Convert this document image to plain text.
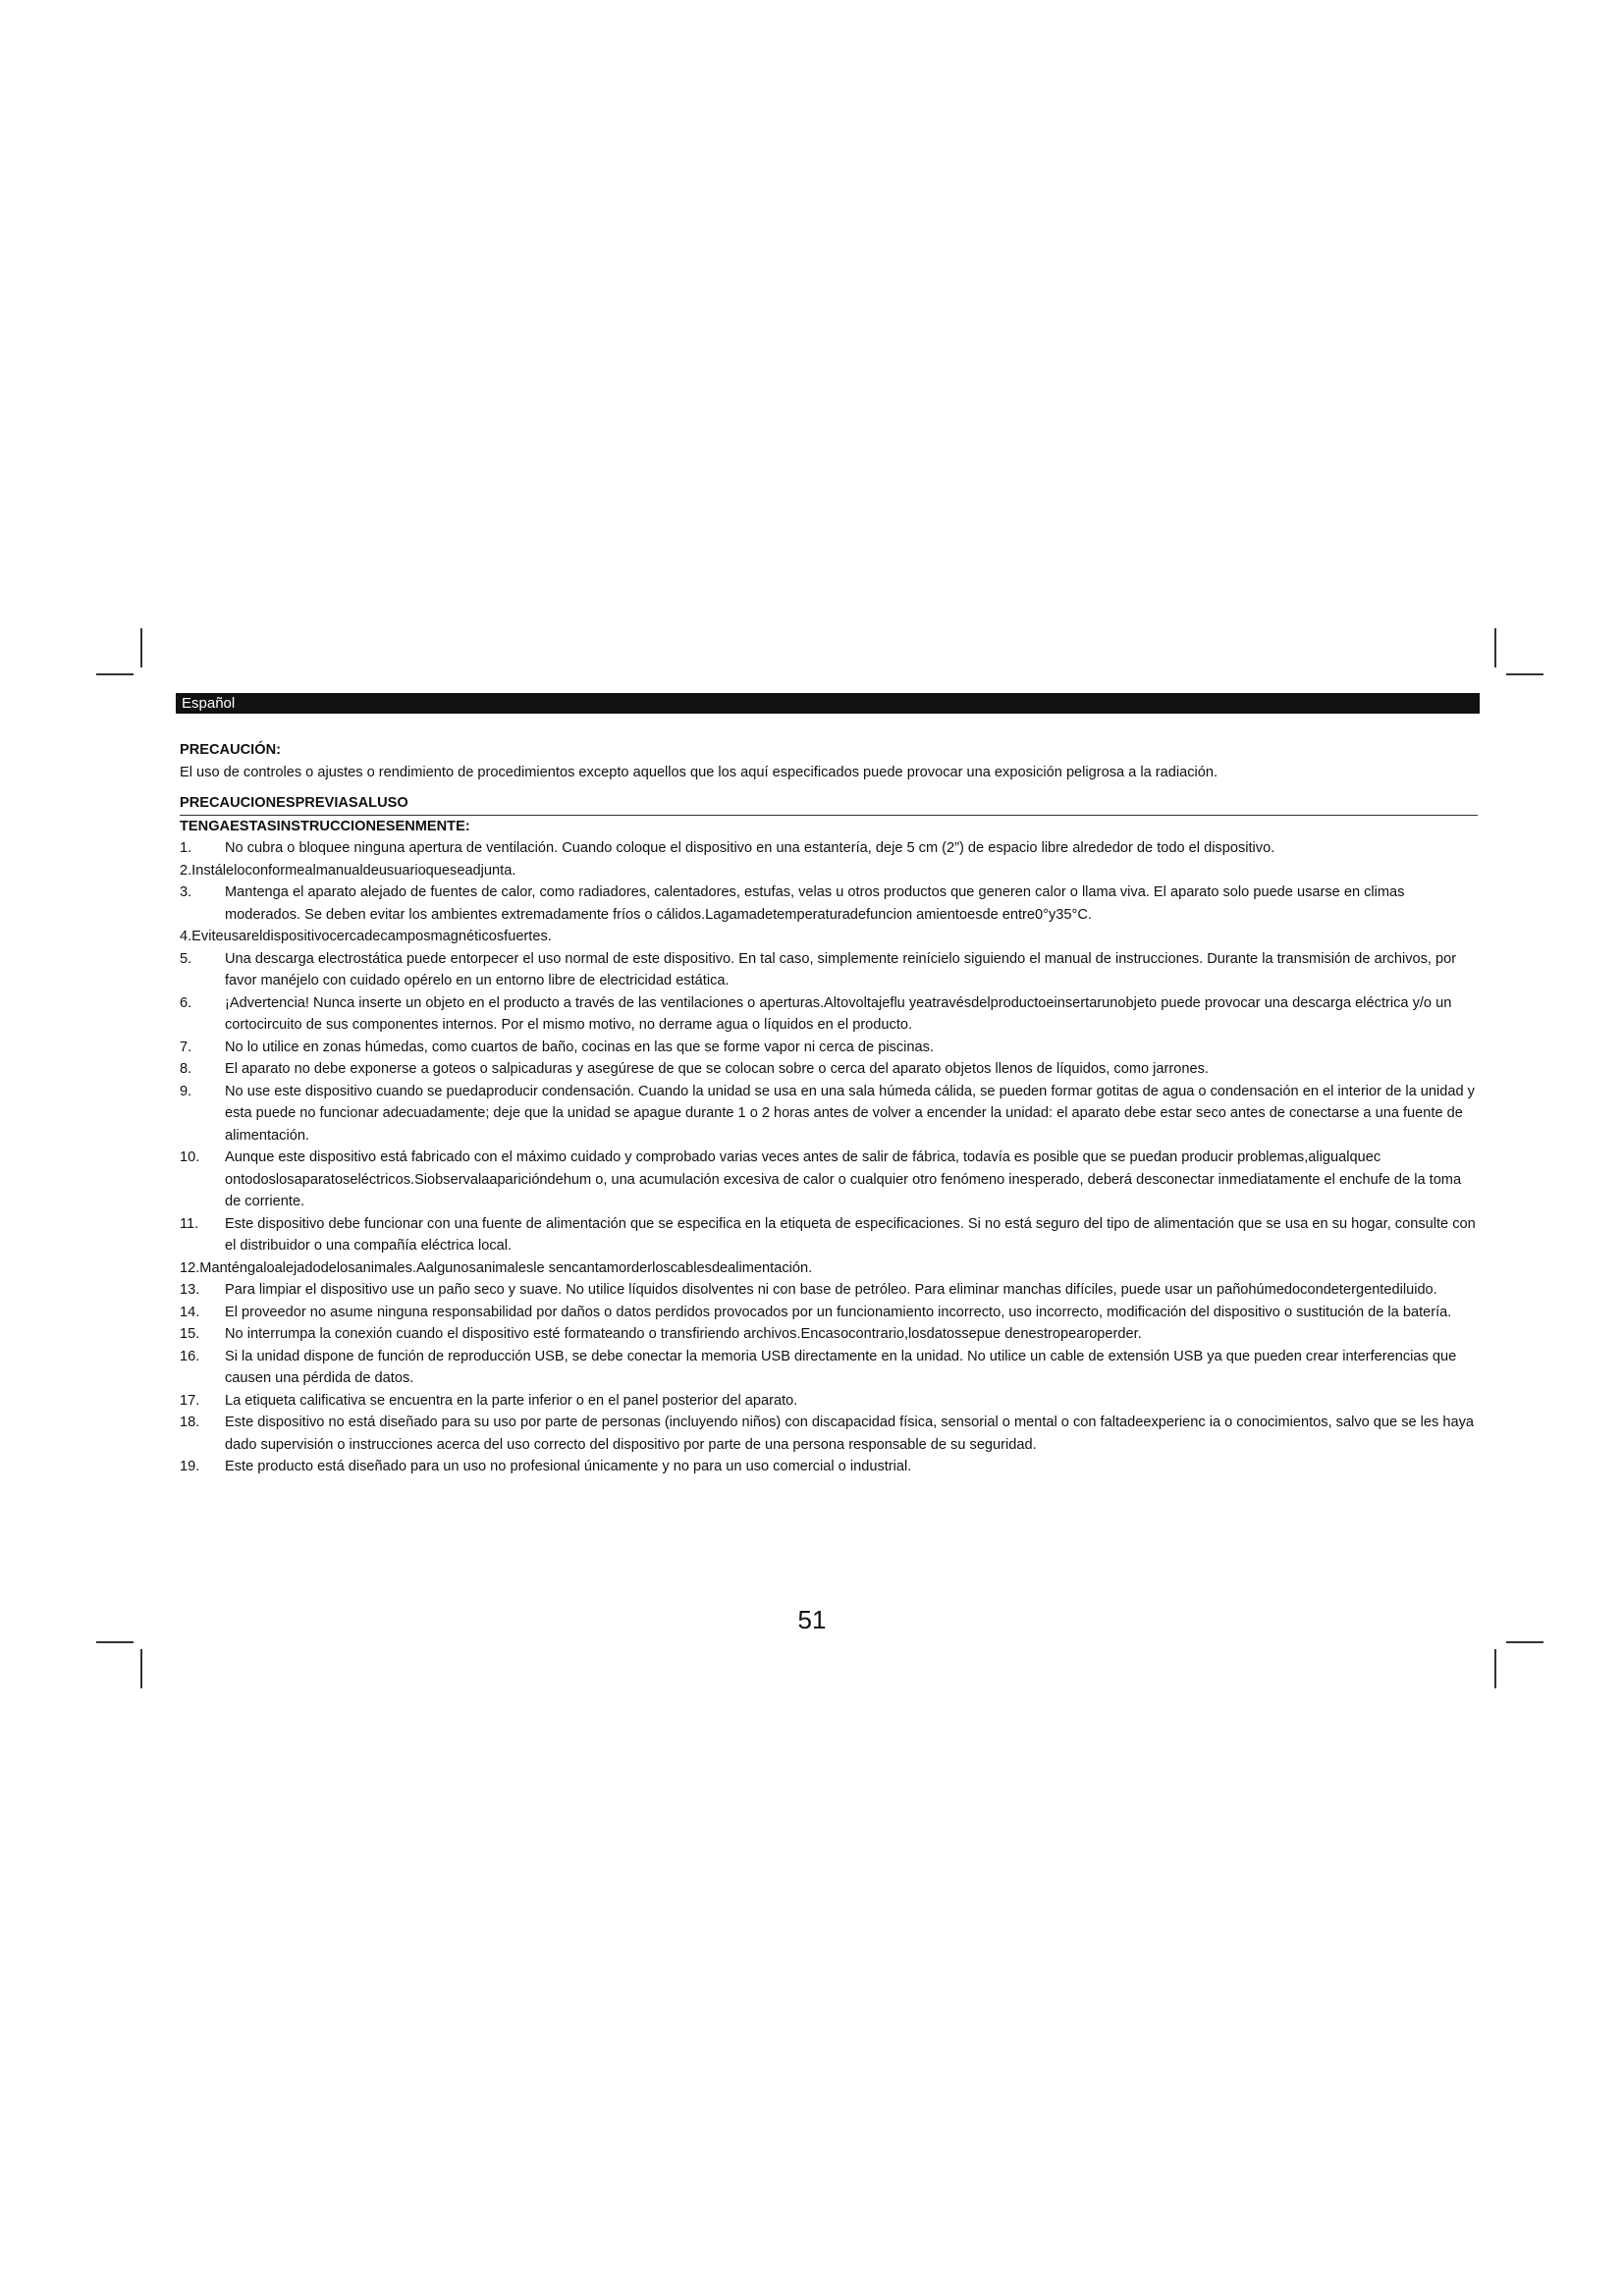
Español

PRECAUCIÓN:

El uso de controles o ajustes o rendimiento de procedimientos excepto aquellos que los aquí especificados puede provocar una exposición peligrosa a la radiación.

PRECAUCIONESPREVIASALUSO

TENGAESTASINSTRUCCIONESENMENTE:

1. No cubra o bloquee ninguna apertura de ventilación. Cuando coloque el dispositivo en una estantería, deje 5 cm (2”) de espacio libre alrededor de todo el dispositivo.
2.Instáleloconformealmanualdeusuarioqueseadjunta.
3. Mantenga el aparato alejado de fuentes de calor, como radiadores, calentadores, estufas, velas u otros productos que generen calor o llama viva. El aparato solo puede usarse en climas moderados. Se deben evitar los ambientes extremadamente fríos o cálidos.Lagamadetemperaturadefuncion amientoesde entre0°y35°C.
4.Eviteusareldispositivocercadecamposmagnéticosfuertes.
5. Una descarga electrostática puede entorpecer el uso normal de este dispositivo. En tal caso, simplemente reinícielo siguiendo el manual de instrucciones. Durante la transmisión de archivos, por favor manéjelo con cuidado opérelo en un entorno libre de electricidad estática.
6. ¡Advertencia! Nunca inserte un objeto en el producto a través de las ventilaciones o aperturas.Altovoltajeflu yeatravésdelproductoeinsertarunobjeto puede provocar una descarga eléctrica y/o un cortocircuito de sus componentes internos. Por el mismo motivo, no derrame agua o líquidos en el producto.
7. No lo utilice en zonas húmedas, como cuartos de baño, cocinas en las que se forme vapor ni cerca de piscinas.
8. El aparato no debe exponerse a goteos o salpicaduras y asegúrese de que se colocan sobre o cerca del aparato objetos llenos de líquidos, como jarrones.
9. No use este dispositivo cuando se puedaproducir condensación. Cuando la unidad se usa en una sala húmeda cálida, se pueden formar gotitas de agua o condensación en el interior de la unidad y esta puede no funcionar adecuadamente; deje que la unidad se apague durante 1 o 2 horas antes de volver a encender la unidad: el aparato debe estar seco antes de conectarse a una fuente de alimentación.
10. Aunque este dispositivo está fabricado con el máximo cuidado y comprobado varias veces antes de salir de fábrica, todavía es posible que se puedan producir problemas,aligualquec ontodoslosaparatoseléctricos.Siobservalaaparicióndehum o, una acumulación excesiva de calor o cualquier otro fenómeno inesperado, deberá desconectar inmediatamente el enchufe de la toma de corriente.
11. Este dispositivo debe funcionar con una fuente de alimentación que se especifica en la etiqueta de especificaciones. Si no está seguro del tipo de alimentación que se usa en su hogar, consulte con el distribuidor o una compañía eléctrica local.
12.Manténgaloalejadodelosanimales.Aalgunosanimalesle sencantamorderloscablesdealimentación.
13. Para limpiar el dispositivo use un paño seco y suave. No utilice líquidos disolventes ni con base de petróleo. Para eliminar manchas difíciles, puede usar un pañohúmedocondetergentediluido.
14. El proveedor no asume ninguna responsabilidad por daños o datos perdidos provocados por un funcionamiento incorrecto, uso incorrecto, modificación del dispositivo o sustitución de la batería.
15. No interrumpa la conexión cuando el dispositivo esté formateando o transfiriendo archivos.Encasocontrario,losdatossepue denestropearoperder.
16. Si la unidad dispone de función de reproducción USB, se debe conectar la memoria USB directamente en la unidad. No utilice un cable de extensión USB ya que pueden crear interferencias que causen una pérdida de datos.
17. La etiqueta calificativa se encuentra en la parte inferior o en el panel posterior del aparato.
18. Este dispositivo no está diseñado para su uso por parte de personas (incluyendo niños) con discapacidad física, sensorial o mental o con faltadeexperienc ia o conocimientos, salvo que se les haya dado supervisión o instrucciones acerca del uso correcto del dispositivo por parte de una persona responsable de su seguridad.
19. Este producto está diseñado para un uso no profesional únicamente y no para un uso comercial o industrial.
51
